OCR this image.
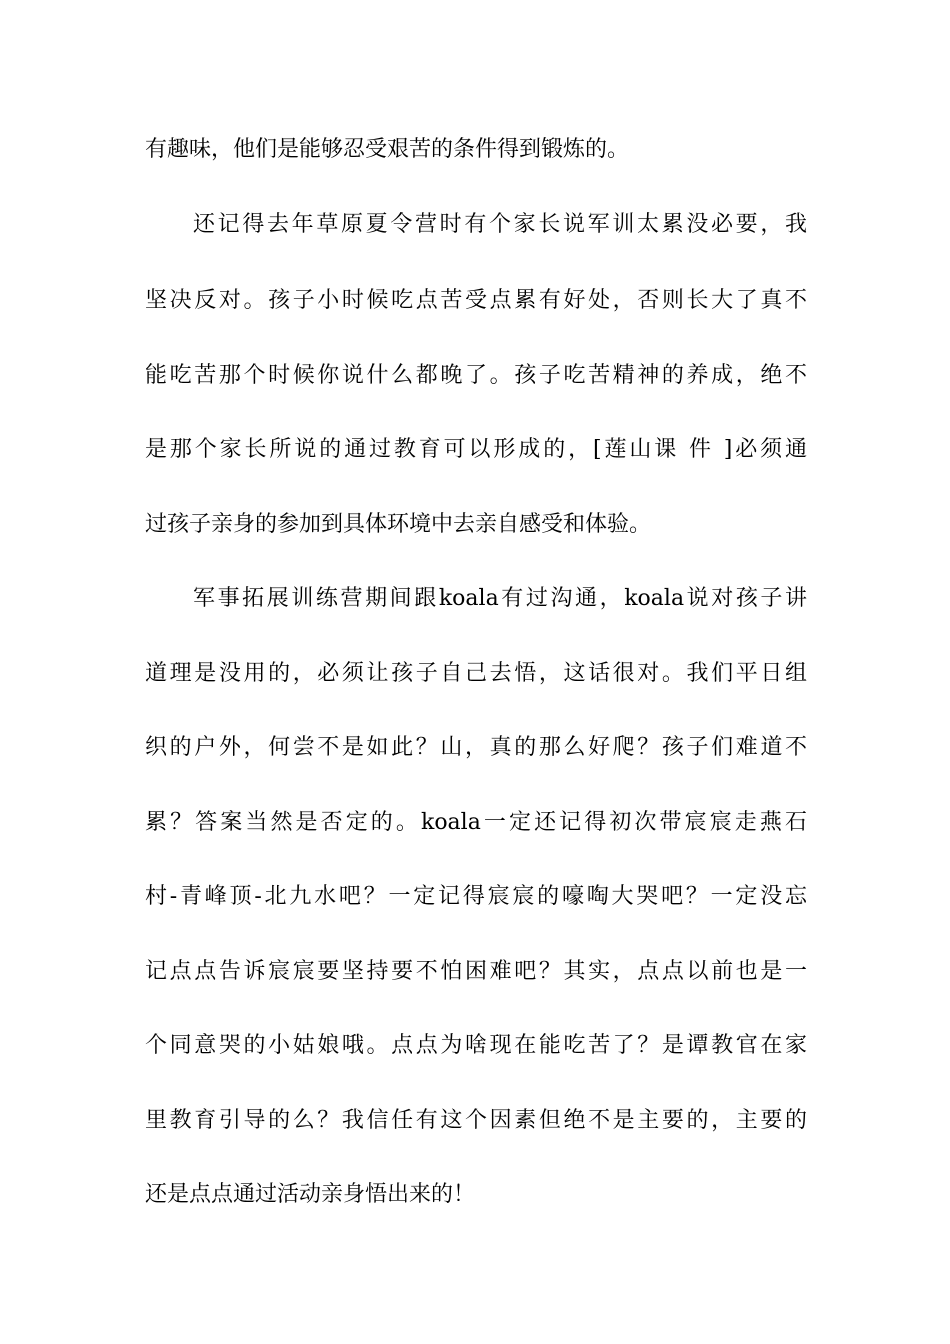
有趣味，他们是能够忍受艰苦的条件得到锻炼的。
还记得去年草原夏令营时有个家长说军训太累没必要，我
坚决反对。孩子小时候吃点苦受点累有好处，否则长大了真不
能吃苦那个时候你说什么都晚了。孩子吃苦精神的养成，绝不
是那个家长所说的通过教育可以形成的，[莲山课 件 ]必须通
过孩子亲身的参加到具体环境中去亲自感受和体验。
军事拓展训练营期间跟koala有过沟通，koala说对孩子讲
道理是没用的，必须让孩子自己去悟，这话很对。我们平日组
织的户外，何尝不是如此？山，真的那么好爬？孩子们难道不
累？答案当然是否定的。koala一定还记得初次带宸宸走燕石
村-青峰顶-北九水吧？一定记得宸宸的嚎啕大哭吧？一定没忘
记点点告诉宸宸要坚持要不怕困难吧？其实，点点以前也是一
个同意哭的小姑娘哦。点点为啥现在能吃苦了？是谭教官在家
里教育引导的么？我信任有这个因素但绝不是主要的，主要的
还是点点通过活动亲身悟出来的！
